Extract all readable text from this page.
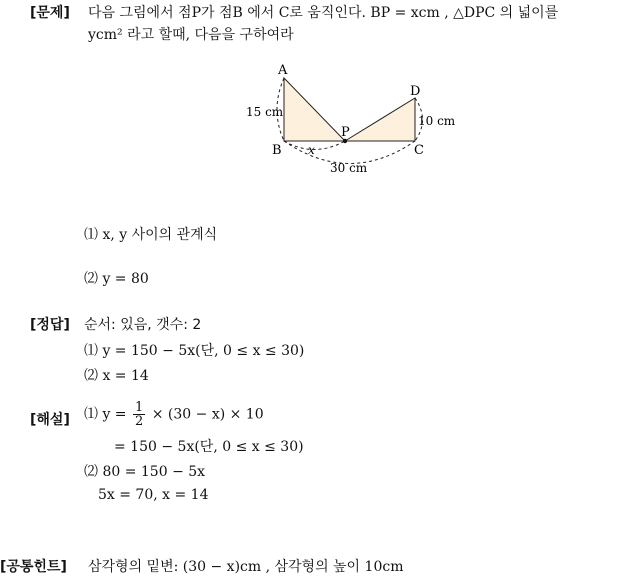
[문제] 다음 그림에서 점P가 점B 에서 C로 움직인다. BP = xcm , △DPC 의 넓이를
ycm² 라고 할때, 다음을 구하여라
A
B
P
C
D
15 cm
10 cm
x
30 cm
⑴ x, y 사이의 관계식
⑵ y = 80
[정답] 순서: 있음, 갯수: 2
⑴ y = 150 − 5x(단, 0 ≤ x ≤ 30)
⑵ x = 14
[해설] ⑴ $y = \frac{1}{2} \times (30 - x) \times 10$
= 150 − 5x(단, 0 ≤ x ≤ 30)
⑵ 80 = 150 − 5x
5x = 70, x = 14
[공통힌트] 삼각형의 밑변: (30 − x)cm , 삼각형의 높이 10cm
